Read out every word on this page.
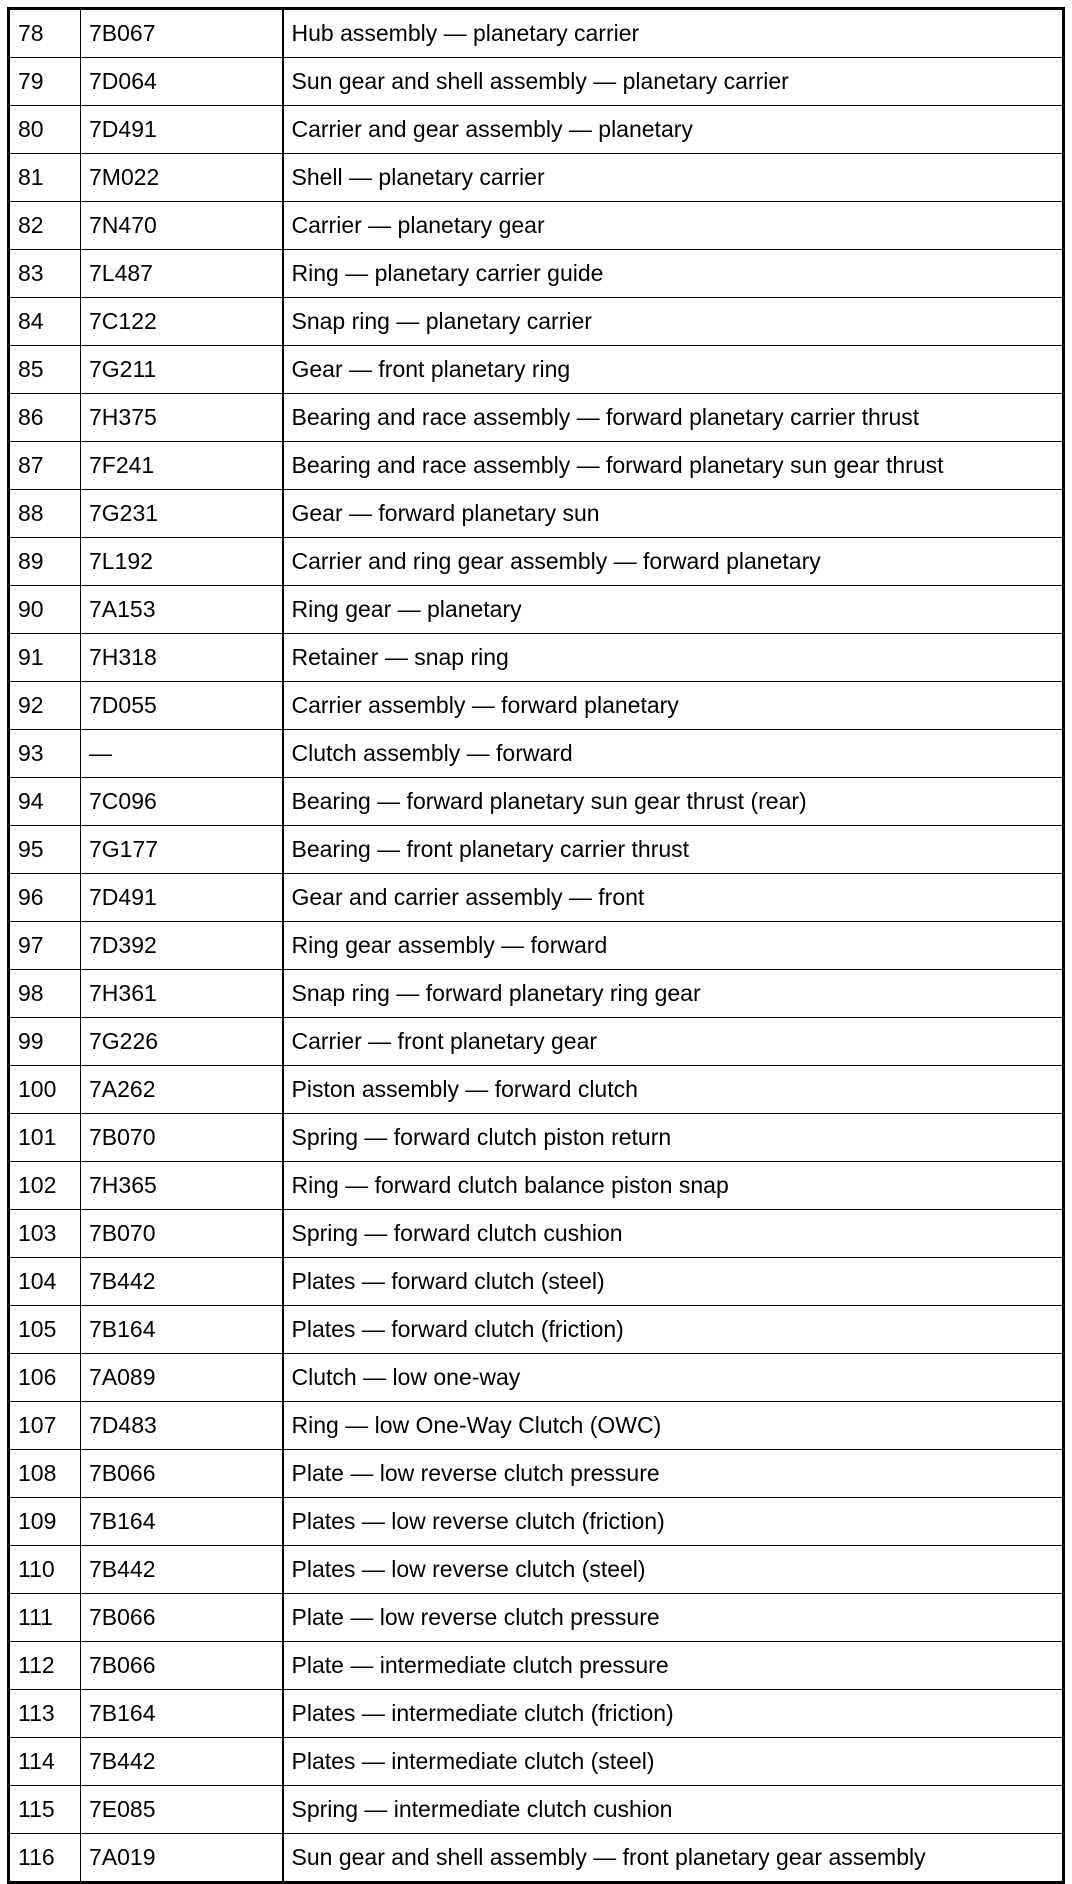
78	7B067	Hub assembly — planetary carrier
79	7D064	Sun gear and shell assembly — planetary carrier
80	7D491	Carrier and gear assembly — planetary
81	7M022	Shell — planetary carrier
82	7N470	Carrier — planetary gear
83	7L487	Ring — planetary carrier guide
84	7C122	Snap ring — planetary carrier
85	7G211	Gear — front planetary ring
86	7H375	Bearing and race assembly — forward planetary carrier thrust
87	7F241	Bearing and race assembly — forward planetary sun gear thrust
88	7G231	Gear — forward planetary sun
89	7L192	Carrier and ring gear assembly — forward planetary
90	7A153	Ring gear — planetary
91	7H318	Retainer — snap ring
92	7D055	Carrier assembly — forward planetary
93	—	Clutch assembly — forward
94	7C096	Bearing — forward planetary sun gear thrust (rear)
95	7G177	Bearing — front planetary carrier thrust
96	7D491	Gear and carrier assembly — front
97	7D392	Ring gear assembly — forward
98	7H361	Snap ring — forward planetary ring gear
99	7G226	Carrier — front planetary gear
100	7A262	Piston assembly — forward clutch
101	7B070	Spring — forward clutch piston return
102	7H365	Ring — forward clutch balance piston snap
103	7B070	Spring — forward clutch cushion
104	7B442	Plates — forward clutch (steel)
105	7B164	Plates — forward clutch (friction)
106	7A089	Clutch — low one-way
107	7D483	Ring — low One-Way Clutch (OWC)
108	7B066	Plate — low reverse clutch pressure
109	7B164	Plates — low reverse clutch (friction)
110	7B442	Plates — low reverse clutch (steel)
111	7B066	Plate — low reverse clutch pressure
112	7B066	Plate — intermediate clutch pressure
113	7B164	Plates — intermediate clutch (friction)
114	7B442	Plates — intermediate clutch (steel)
115	7E085	Spring — intermediate clutch cushion
116	7A019	Sun gear and shell assembly — front planetary gear assembly
